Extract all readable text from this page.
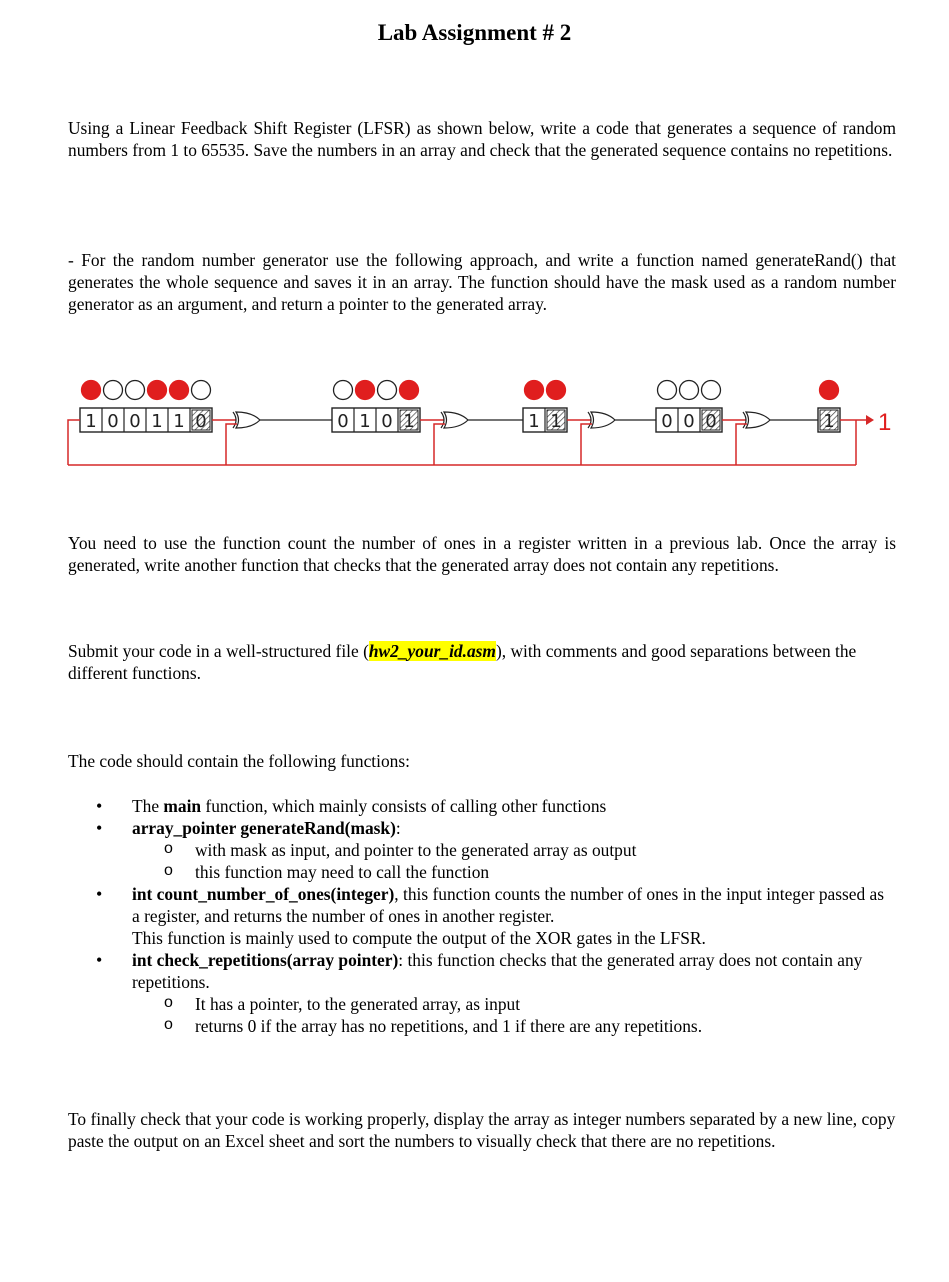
Lab Assignment # 2

Using a Linear Feedback Shift Register (LFSR) as shown below, write a code that generates a sequence of random numbers from 1 to 65535. Save the numbers in an array and check that the generated sequence contains no repetitions.

- For the random number generator use the following approach, and write a function named generateRand() that generates the whole sequence and saves it in an array. The function should have the mask used as a random number generator as an argument, and return a pointer to the generated array.

1 0 0 1 1 0	0 1 0 1	1 1	0 0 0	1 1

You need to use the function count the number of ones in a register written in a previous lab. Once the array is generated, write another function that checks that the generated array does not contain any repetitions.

Submit your code in a well-structured file (hw2_your_id.asm), with comments and good separations between the different functions.

The code should contain the following functions:

• The main function, which mainly consists of calling other functions
• array_pointer generateRand(mask):
o with mask as input, and pointer to the generated array as output
o this function may need to call the function
• int count_number_of_ones(integer), this function counts the number of ones in the input integer passed as a register, and returns the number of ones in another register.
This function is mainly used to compute the output of the XOR gates in the LFSR.
• int check_repetitions(array pointer): this function checks that the generated array does not contain any repetitions.
o It has a pointer, to the generated array, as input
o returns 0 if the array has no repetitions, and 1 if there are any repetitions.

To finally check that your code is working properly, display the array as integer numbers separated by a new line, copy paste the output on an Excel sheet and sort the numbers to visually check that there are no repetitions.
